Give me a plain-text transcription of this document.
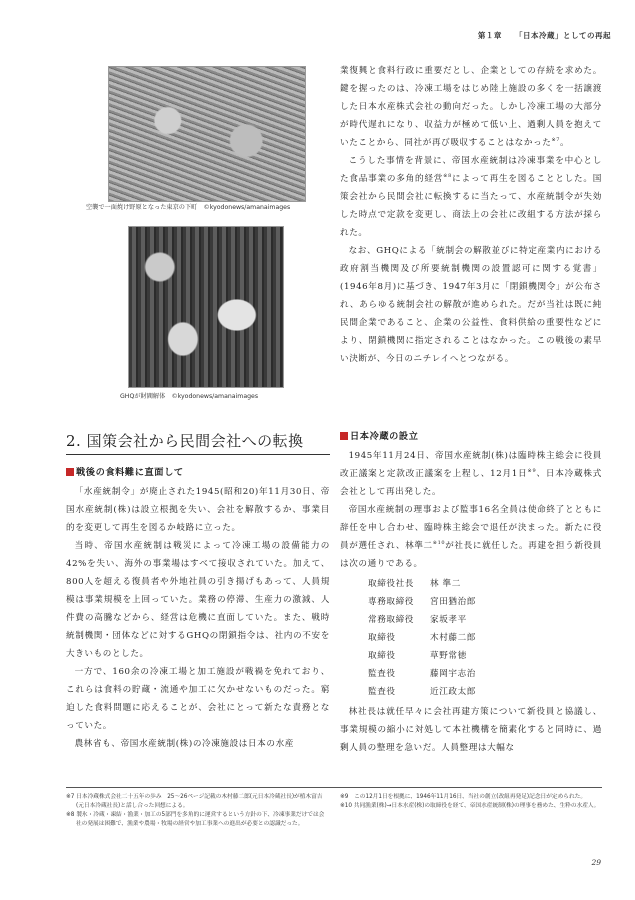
第１章 「日本冷蔵」としての再起
空襲で一面焼け野原となった東京の下町　©kyodonews/amanaimages
GHQが財閥解体　©kyodonews/amanaimages

業復興と食料行政に重要だとし、企業としての存続を求めた。鍵を握ったのは、冷凍工場をはじめ陸上施設の多くを一括譲渡した日本水産株式会社の動向だった。しかし冷凍工場の大部分が時代遅れになり、収益力が極めて低い上、過剰人員を抱えていたことから、同社が再び吸収することはなかった$^{※7}$。

こうした事情を背景に、帝国水産統制は冷凍事業を中心とした食品事業の多角的経営$^{※8}$によって再生を図ることとした。国策会社から民間会社に転換するに当たって、水産統制令が失効した時点で定款を変更し、商法上の会社に改組する方法が採られた。

なお、GHQによる「統制会の解散並びに特定産業内における政府割当機関及び所要統制機関の設置認可に関する覚書」(1946年8月)に基づき、1947年3月に「閉鎖機関令」が公布され、あらゆる統制会社の解散が進められた。だが当社は既に純民間企業であること、企業の公益性、食料供給の重要性などにより、閉鎖機関に指定されることはなかった。この戦後の素早い決断が、今日のニチレイへとつながる。

2. 国策会社から民間会社への転換
戦後の食料難に直面して

「水産統制令」が廃止された1945(昭和20)年11月30日、帝国水産統制(株)は設立根拠を失い、会社を解散するか、事業目的を変更して再生を図るか岐路に立った。

当時、帝国水産統制は戦災によって冷凍工場の設備能力の42%を失い、海外の事業場はすべて接収されていた。加えて、800人を超える復員者や外地社員の引き揚げもあって、人員規模は事業規模を上回っていた。業務の停滞、生産力の激減、人件費の高騰などから、経営は危機に直面していた。また、戦時統制機関・団体などに対するGHQの閉鎖指令は、社内の不安を大きいものとした。

一方で、160余の冷凍工場と加工施設が戦禍を免れており、これらは食料の貯蔵・流通や加工に欠かせないものだった。窮迫した食料問題に応えることが、会社にとって新たな責務となっていた。

農林省も、帝国水産統制(株)の冷凍施設は日本の水産

日本冷蔵の設立

1945年11月24日、帝国水産統制(株)は臨時株主総会に役員改正議案と定款改正議案を上程し、12月1日$^{※9}$、日本冷蔵株式会社として再出発した。

帝国水産統制の理事および監事16名全員は使命終了とともに辞任を申し合わせ、臨時株主総会で退任が決まった。新たに役員が選任され、林準二$^{※10}$が社長に就任した。再建を担う新役員は次の通りである。

取締役社長	林 準二
専務取締役	宮田猶治郎
常務取締役	家坂孝平
取締役	木村藤二郎
取締役	草野常徳
監査役	藤岡宇志治
監査役	近江政太郎

林社長は就任早々に会社再建方策について新役員と協議し、事業規模の縮小に対処して本社機構を簡素化すると同時に、過剰人員の整理を急いだ。人員整理は大幅な

※7 日本冷蔵株式会社二十五年の歩み　25〜26ページ記載の木村藤二郎(元日本冷蔵社長)が植木富吉(元日本冷蔵社長)と話し合った回想による。
※8 製氷・冷蔵・凍結・漁業・加工の5部門を多角的に運営するという方針の下、冷凍事業だけでは会社の発展は困難で、漁業や農場・牧場の経営や加工事業への進出が必要との認識だった。
※9　この12月1日を根拠に、1946年11月16日、当社の創立(改組再発足)記念日が定められた。
※10 共同漁業(株)→日本水産(株)の取締役を経て、帝国水産統制(株)の理事を務めた、生粋の水産人。
29
